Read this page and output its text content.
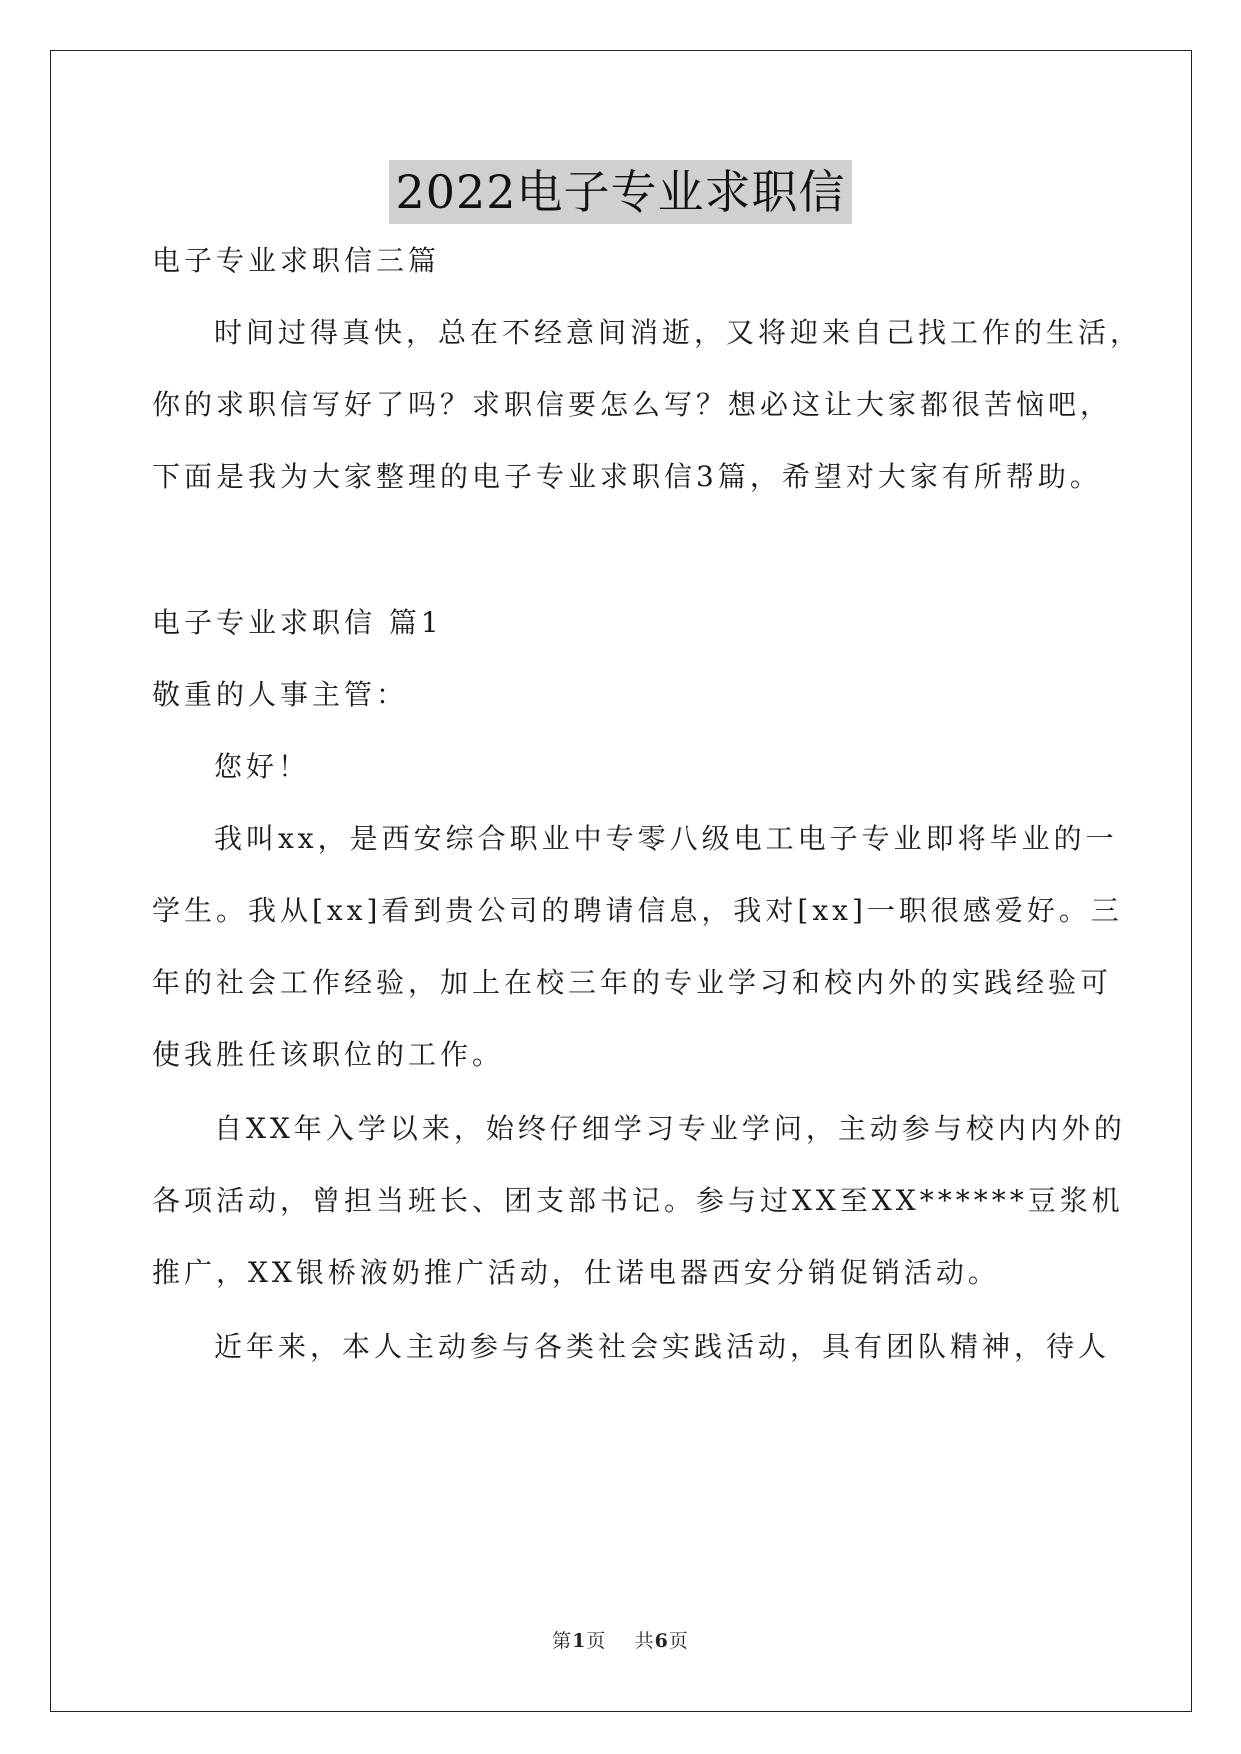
2022电子专业求职信
电子专业求职信三篇
时间过得真快，总在不经意间消逝，又将迎来自己找工作的生活，
你的求职信写好了吗？求职信要怎么写？想必这让大家都很苦恼吧，
下面是我为大家整理的电子专业求职信3篇，希望对大家有所帮助。
电子专业求职信 篇1
敬重的人事主管：
您好！
我叫xx，是西安综合职业中专零八级电工电子专业即将毕业的一
学生。我从[xx]看到贵公司的聘请信息，我对[xx]一职很感爱好。三
年的社会工作经验，加上在校三年的专业学习和校内外的实践经验可
使我胜任该职位的工作。
自XX年入学以来，始终仔细学习专业学问，主动参与校内内外的
各项活动，曾担当班长、团支部书记。参与过XX至XX******豆浆机
推广，XX银桥液奶推广活动，仕诺电器西安分销促销活动。
近年来，本人主动参与各类社会实践活动，具有团队精神，待人
第1页 共6页
